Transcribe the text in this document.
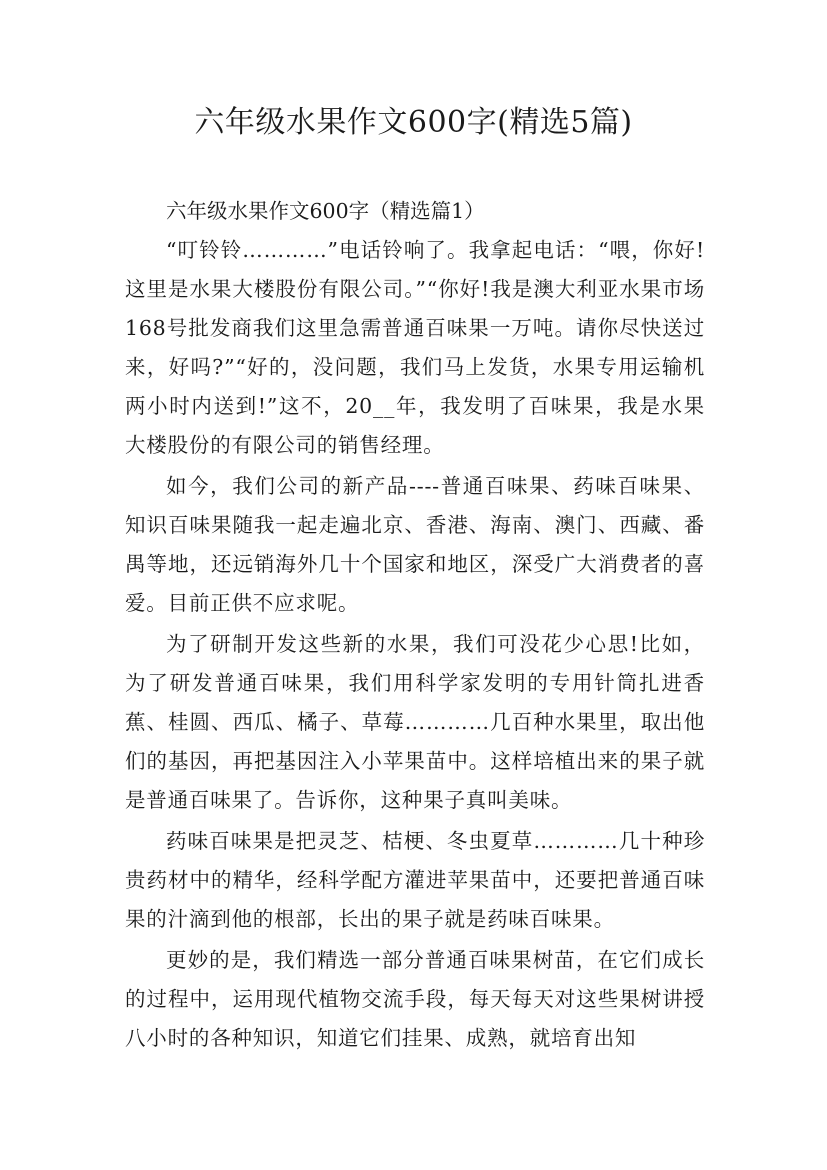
六年级水果作文600字(精选5篇)

六年级水果作文600字（精选篇1）

“叮铃铃…………”电话铃响了。我拿起电话：“喂，你好!这里是水果大楼股份有限公司。”“你好!我是澳大利亚水果市场168号批发商我们这里急需普通百味果一万吨。请你尽快送过来，好吗?”“好的，没问题，我们马上发货，水果专用运输机两小时内送到!”这不，20__年，我发明了百味果，我是水果大楼股份的有限公司的销售经理。

如今，我们公司的新产品----普通百味果、药味百味果、知识百味果随我一起走遍北京、香港、海南、澳门、西藏、番禺等地，还远销海外几十个国家和地区，深受广大消费者的喜爱。目前正供不应求呢。

为了研制开发这些新的水果，我们可没花少心思!比如，为了研发普通百味果，我们用科学家发明的专用针筒扎进香蕉、桂圆、西瓜、橘子、草莓…………几百种水果里，取出他们的基因，再把基因注入小苹果苗中。这样培植出来的果子就是普通百味果了。告诉你，这种果子真叫美味。

药味百味果是把灵芝、桔梗、冬虫夏草…………几十种珍贵药材中的精华，经科学配方灌进苹果苗中，还要把普通百味果的汁滴到他的根部，长出的果子就是药味百味果。

更妙的是，我们精选一部分普通百味果树苗，在它们成长的过程中，运用现代植物交流手段，每天每天对这些果树讲授八小时的各种知识，知道它们挂果、成熟，就培育出知
